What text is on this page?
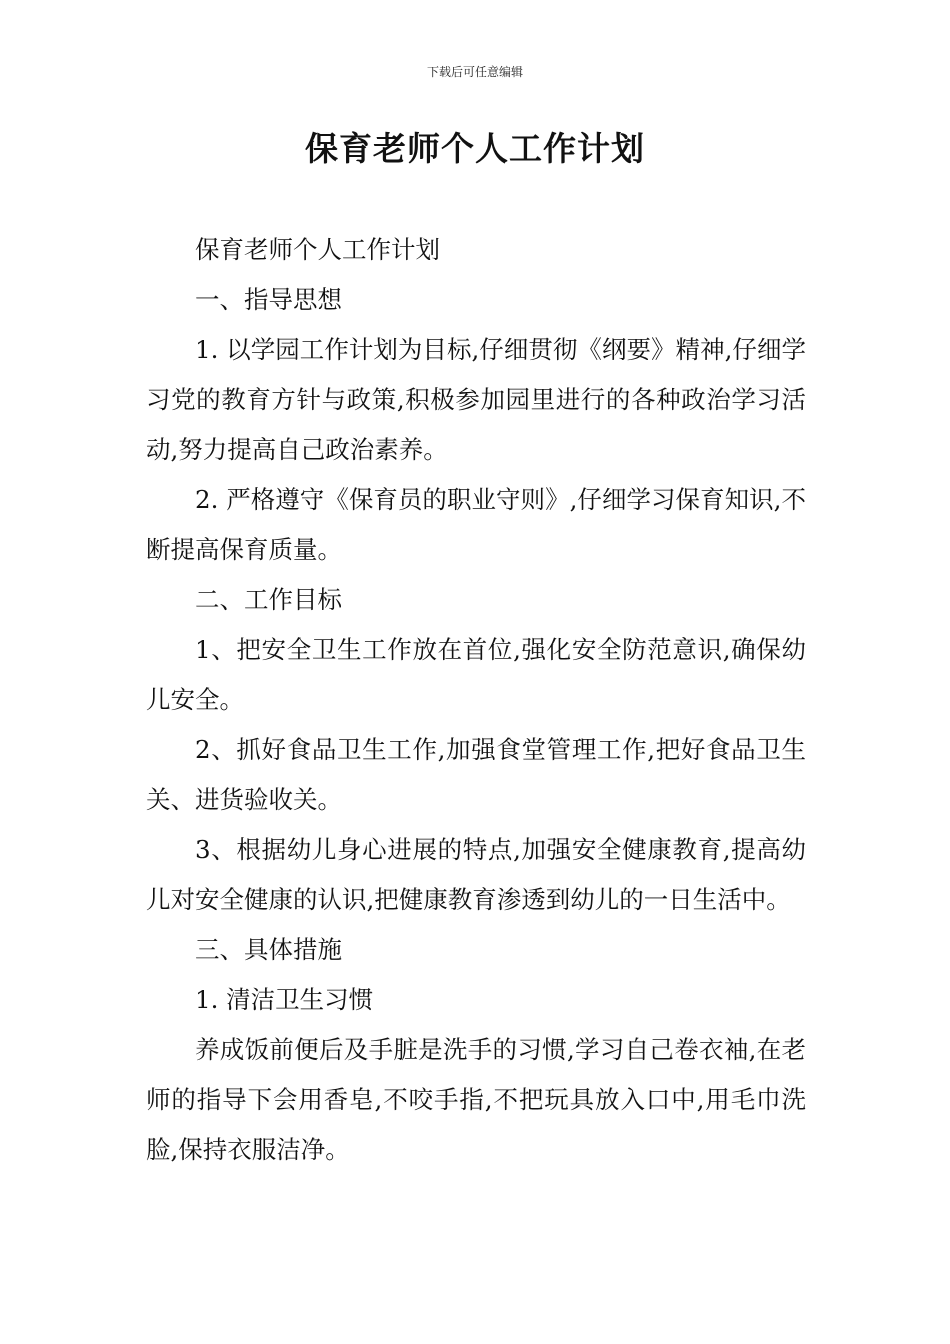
下载后可任意编辑
保育老师个人工作计划

保育老师个人工作计划

一、指导思想

1. 以学园工作计划为目标,仔细贯彻《纲要》精神,仔细学习党的教育方针与政策,积极参加园里进行的各种政治学习活动,努力提高自己政治素养。

2. 严格遵守《保育员的职业守则》,仔细学习保育知识,不断提高保育质量。

二、工作目标

1、把安全卫生工作放在首位,强化安全防范意识,确保幼儿安全。

2、抓好食品卫生工作,加强食堂管理工作,把好食品卫生关、进货验收关。

3、根据幼儿身心进展的特点,加强安全健康教育,提高幼儿对安全健康的认识,把健康教育渗透到幼儿的一日生活中。

三、具体措施

1. 清洁卫生习惯

养成饭前便后及手脏是洗手的习惯,学习自己卷衣袖,在老师的指导下会用香皂,不咬手指,不把玩具放入口中,用毛巾洗脸,保持衣服洁净。
